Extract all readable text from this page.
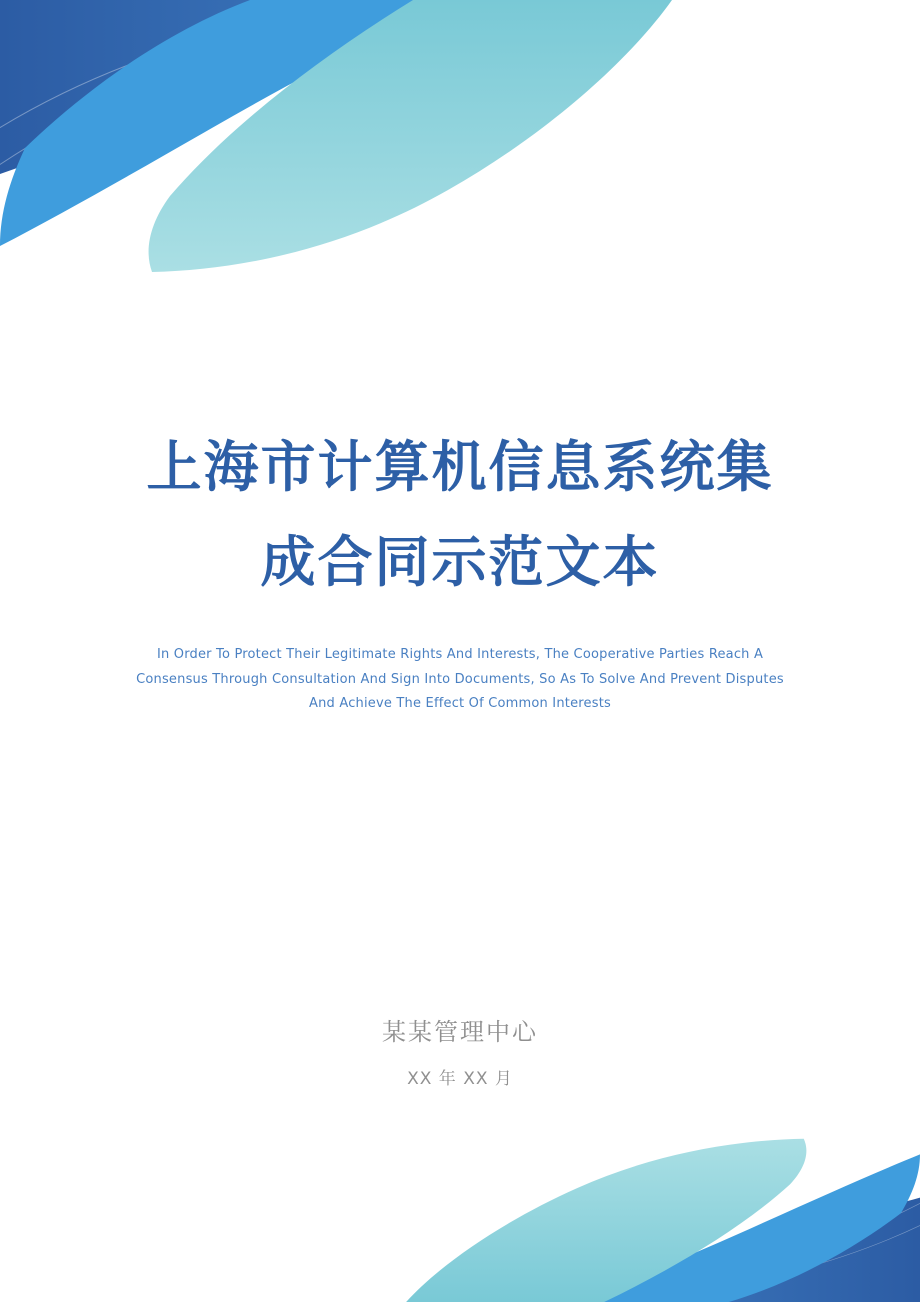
上海市计算机信息系统集
成合同示范文本
In Order To Protect Their Legitimate Rights And Interests, The Cooperative Parties Reach A
Consensus Through Consultation And Sign Into Documents, So As To Solve And Prevent Disputes
And Achieve The Effect Of Common Interests
某某管理中心
XX 年 XX 月
